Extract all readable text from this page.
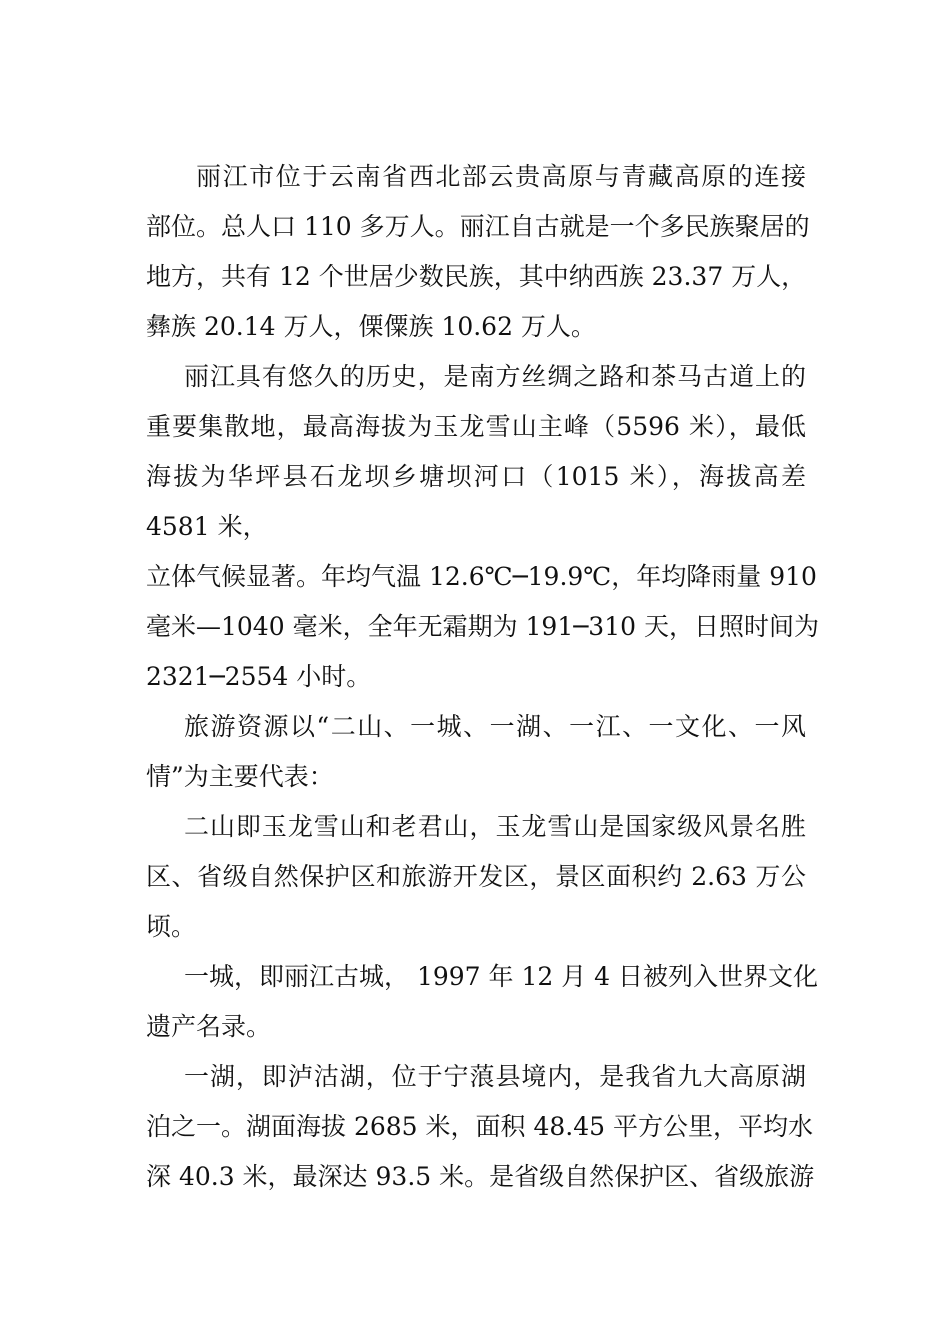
丽江市位于云南省西北部云贵高原与青藏高原的连接
部位。总人口 110 多万人。丽江自古就是一个多民族聚居的
地方，共有 12 个世居少数民族，其中纳西族 23.37 万人，
彝族 20.14 万人，傈僳族 10.62 万人。
丽江具有悠久的历史，是南方丝绸之路和茶马古道上的
重要集散地，最高海拔为玉龙雪山主峰（5596 米），最低
海拔为华坪县石龙坝乡塘坝河口（1015 米），海拔高差
4581 米，
立体气候显著。年均气温 12.6℃─19.9℃，年均降雨量 910
毫米—1040 毫米，全年无霜期为 191─310 天，日照时间为
2321─2554 小时。
旅游资源以“二山、一城、一湖、一江、一文化、一风
情”为主要代表：
二山即玉龙雪山和老君山，玉龙雪山是国家级风景名胜
区、省级自然保护区和旅游开发区，景区面积约 2.63 万公
顷。
一城，即丽江古城， 1997 年 12 月 4 日被列入世界文化
遗产名录。
一湖，即泸沽湖，位于宁蒗县境内，是我省九大高原湖
泊之一。湖面海拔 2685 米，面积 48.45 平方公里，平均水
深 40.3 米，最深达 93.5 米。是省级自然保护区、省级旅游
